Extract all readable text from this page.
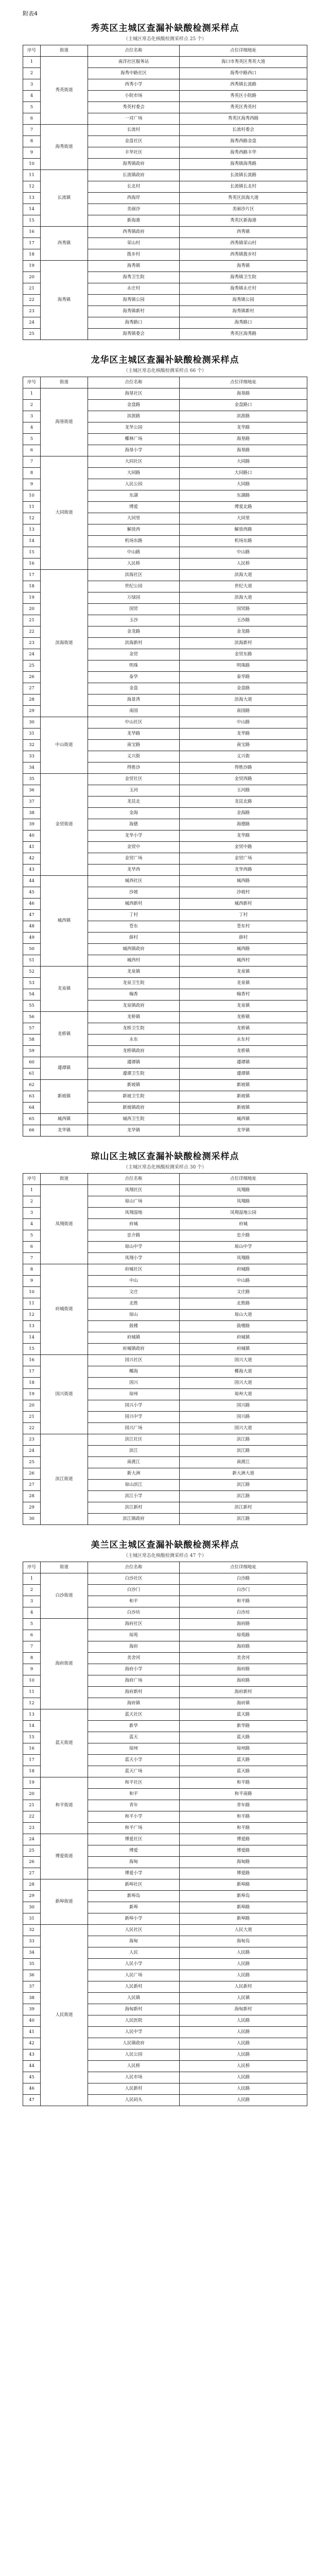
附表4
秀英区主城区查漏补缺酸检测采样点
（主城区常态化核酸检测采样点 25 个）
序号	街道	点位名称	点位详细地址
1	秀英街道	南洋社区服务站	海口市秀英区秀英大道
2		海秀中路社区	海秀中路西口
3		西秀小学	西秀镇长流路
4		小院市场	秀英区小院路
5		秀英村委会	秀英区秀英村
6		一对广场	秀英区海秀西路
7	海秀街道	长流村	长流村委会
8		金盘社区	海秀西路金盘
9		丰华社区	海秀西路丰华
10		海秀镇政府	海秀镇海秀路
11	长流镇	长流镇政府	长流镇长流路
12		长北村	长流镇长北村
13		西海岸	秀英区滨海大道
14		美丽沙	美丽沙片区
15		新海港	秀英区新海港
16	西秀镇	西秀镇政府	西秀镇
17		荣山村	西秀镇荣山村
18		拨步村	西秀镇拨步村
19	海秀镇	海秀镇	海秀镇
20		海秀卫生院	海秀镇卫生院
21		永庄村	海秀镇永庄村
22		海秀镇公园	海秀镇公园
23		海秀镇新村	海秀镇新村
24		海秀路口	海秀路口
25		海秀镇委会	秀英区海秀路
龙华区主城区查漏补缺酸检测采样点
（主城区常态化核酸检测采样点 66 个）
序号	街道	点位名称	点位详细地址
1	海垦街道	海垦社区	海垦路
2		金盘路	金盘路口
3		滨涯路	滨涯路
4		龙华公园	龙华路
5		椰林广场	海垦路
6		海垦小学	海垦路
7	大同街道	大同社区	大同路
8		大同路	大同路口
9		人民公园	大同路
10		东湖	东湖路
11		博爱	博爱北路
12		大同里	大同里
13		解放西	解放西路
14		机场东路	机场东路
15		中山路	中山路
16		人民桥	人民桥
17	滨海街道	滨海社区	滨海大道
18		世纪公园	世纪大道
19		万绿园	滨海大道
20		国贸	国贸路
21		玉沙	玉沙路
22		金龙路	金龙路
23		滨海新村	滨海新村
24		金贸	金贸东路
25		明珠	明珠路
26		泰华	泰华路
27		金盘	金盘路
28		海景湾	滨海大道
29		南国	南国路
30	中山街道	中山社区	中山路
31		龙华路	龙华路
32		南宝路	南宝路
33		义兴街	义兴街
34		得胜沙	得胜沙路
35	金贸街道	金贸社区	金贸西路
36		玉河	玉河路
37		龙昆北	龙昆北路
38		金海	金海路
39		海德	海德路
40		龙华小学	龙华路
41		金贸中	金贸中路
42		金贸广场	金贸广场
43		龙华西	龙华西路
44	城西镇	城西社区	城西路
45		沙坡	沙坡村
46		城西新村	城西新村
47		丁村	丁村
48		苍东	苍东村
49		薛村	薛村
50		城西镇政府	城西路
51		城西村	城西村
52	龙泉镇	龙泉镇	龙泉镇
53		龙泉卫生院	龙泉镇
54		翰香	翰香村
55		龙泉镇政府	龙泉镇
56	龙桥镇	龙桥镇	龙桥镇
57		龙桥卫生院	龙桥镇
58		永东	永东村
59		龙桥镇政府	龙桥镇
60	遵谭镇	遵谭镇	遵谭镇
61		遵谭卫生院	遵谭镇
62	新坡镇	新坡镇	新坡镇
63		新坡卫生院	新坡镇
64		新坡镇政府	新坡镇
65	城西镇	城西卫生院	城西镇
66	龙华镇	龙华镇	龙华镇
琼山区主城区查漏补缺酸检测采样点
（主城区常态化核酸检测采样点 30 个）
序号	街道	点位名称	点位详细地址
1	凤翔街道	凤翔社区	凤翔路
2		琼山广场	凤翔路
3		凤翔湿地	凤翔湿地公园
4		府城	府城
5		忠介路	忠介路
6		琼山中学	琼山中学
7		凤翔小学	凤翔路
8	府城街道	府城社区	府城路
9		中山	中山路
10		文庄	文庄路
11		北胜	北胜路
12		琼山	琼山大道
13		鼓楼	鼓楼路
14		府城镇	府城镇
15		府城镇政府	府城镇
16	国兴街道	国兴社区	国兴大道
17		椰海	椰海大道
18		国兴	国兴大道
19		琼州	琼州大道
20		国兴小学	国兴路
21		国兴中学	国兴路
22		国兴广场	国兴大道
23	滨江街道	滨江社区	滨江路
24		滨江	滨江路
25		南渡江	南渡江
26		新大洲	新大洲大道
27		琼山滨江	滨江路
28		滨江小学	滨江路
29		滨江新村	滨江新村
30		滨江镇政府	滨江路
美兰区主城区查漏补缺酸检测采样点
（主城区常态化核酸检测采样点 47 个）
序号	街道	点位名称	点位详细地址
1	白沙街道	白沙社区	白沙路
2		白沙门	白沙门
3		和平	和平路
4		白沙坊	白沙坊
5	海府街道	海府社区	海府路
6		琼苑	琼苑路
7		海府	海府路
8		美舍河	美舍河
9		海府小学	海府路
10		海府广场	海府路
11		海府新村	海府新村
12		海府镇	海府镇
13	蓝天街道	蓝天社区	蓝天路
14		新华	新华路
15		蓝天	蓝天路
16		琼州	琼州路
17		蓝天小学	蓝天路
18		蓝天广场	蓝天路
19	和平街道	和平社区	和平路
20		和平	和平南路
21		青年	青年路
22		和平小学	和平路
23		和平广场	和平路
24	博爱街道	博爱社区	博爱路
25		博爱	博爱路
26		海甸	海甸路
27		博爱小学	博爱路
28	新埠街道	新埠社区	新埠路
29		新埠岛	新埠岛
30		新埠	新埠路
31		新埠小学	新埠路
32	人民街道	人民社区	人民大道
33		海甸	海甸岛
34		人民	人民路
35		人民小学	人民路
36		人民广场	人民路
37		人民新村	人民新村
38		人民镇	人民镇
39		海甸新村	海甸新村
40		人民医院	人民路
41		人民中学	人民路
42		人民镇政府	人民路
43		人民公园	人民路
44		人民桥	人民桥
45		人民市场	人民路
46		人民新村	人民路
47		人民码头	人民路
